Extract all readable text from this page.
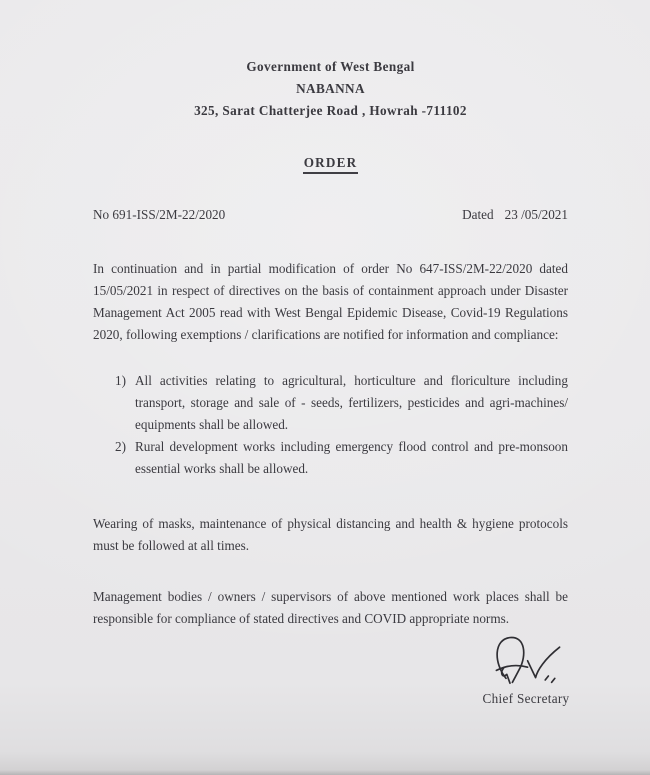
Government of West Bengal
NABANNA
325, Sarat Chatterjee Road , Howrah -711102
ORDER
No 691-ISS/2M-22/2020	Dated 23 /05/2021
In continuation and in partial modification of order No 647-ISS/2M-22/2020 dated 15/05/2021 in respect of directives on the basis of containment approach under Disaster Management Act 2005 read with West Bengal Epidemic Disease, Covid-19 Regulations 2020, following exemptions / clarifications are notified for information and compliance:
1) All activities relating to agricultural, horticulture and floriculture including transport, storage and sale of - seeds, fertilizers, pesticides and agri-machines/ equipments shall be allowed.
2) Rural development works including emergency flood control and pre-monsoon essential works shall be allowed.
Wearing of masks, maintenance of physical distancing and health & hygiene protocols must be followed at all times.
Management bodies / owners / supervisors of above mentioned work places shall be responsible for compliance of stated directives and COVID appropriate norms.
Chief Secretary
